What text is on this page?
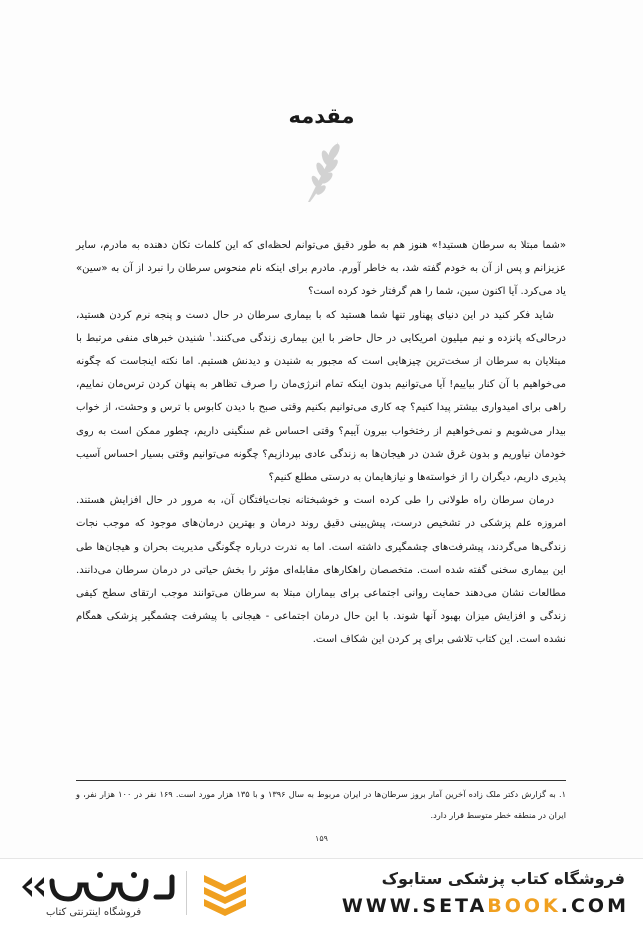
مقدمه

«شما مبتلا به سرطان هستید!» هنوز هم به طور دقیق می‌توانم لحظه‌ای که این کلمات تکان دهنده به مادرم، سایر عزیزانم و پس از آن به خودم گفته شد، به خاطر آورم. مادرم برای اینکه نام منحوس سرطان را نبرد از آن به «سین» یاد می‌کرد. آیا اکنون سین، شما را هم گرفتار خود کرده است؟

شاید فکر کنید در این دنیای پهناور تنها شما هستید که با بیماری سرطان در حال دست و پنجه نرم کردن هستید، درحالی‌که پانزده و نیم میلیون امریکایی در حال حاضر با این بیماری زندگی می‌کنند.$^۱$ شنیدن خبرهای منفی مرتبط با مبتلایان به سرطان از سخت‌ترین چیزهایی است که مجبور به شنیدن و دیدنش هستیم. اما نکته اینجاست که چگونه می‌خواهیم با آن کنار بیاییم! آیا می‌توانیم بدون اینکه تمام انرژی‌مان را صرف تظاهر به پنهان کردن ترس‌مان نماییم، راهی برای امیدواری بیشتر پیدا کنیم؟ چه کاری می‌توانیم بکنیم وقتی صبح با دیدن کابوس با ترس و وحشت، از خواب بیدار می‌شویم و نمی‌خواهیم از رختخواب بیرون آییم؟ وقتی احساس غم سنگینی داریم، چطور ممکن است به روی خودمان نیاوریم و بدون غرق شدن در هیجان‌ها به زندگی عادی بپردازیم؟ چگونه می‌توانیم وقتی بسیار احساس آسیب پذیری داریم، دیگران را از خواسته‌ها و نیازهایمان به درستی مطلع کنیم؟

درمان سرطان راه طولانی را طی کرده است و خوشبختانه نجات‌یافتگان آن، به مرور در حال افزایش هستند. امروزه علم پزشکی در تشخیص درست، پیش‌بینی دقیق روند درمان و بهترین درمان‌های موجود که موجب نجات زندگی‌ها می‌گردند، پیشرفت‌های چشمگیری داشته است. اما به ندرت درباره چگونگی مدیریت بحران و هیجان‌ها طی این بیماری سخنی گفته شده است. متخصصان راهکارهای مقابله‌ای مؤثر را بخش حیاتی در درمان سرطان می‌دانند. مطالعات نشان می‌دهند حمایت روانی اجتماعی برای بیماران مبتلا به سرطان می‌توانند موجب ارتقای سطح کیفی زندگی و افزایش میزان بهبود آنها شوند. با این حال درمان اجتماعی - هیجانی با پیشرفت چشمگیر پزشکی همگام نشده است. این کتاب تلاشی برای پر کردن این شکاف است.

۱. به گزارش دکتر ملک زاده آخرین آمار بروز سرطان‌ها در ایران مربوط به سال ۱۳۹۶ و با ۱۳۵ هزار مورد است. ۱۶۹ نفر در ۱۰۰ هزار نفر، و ایران در منطقه خطر متوسط قرار دارد.

۱۵۹
فروشگاه کتاب پزشکی ستابوک
WWW.SETABOOK.COM
فروشگاه اینترنتی کتاب
